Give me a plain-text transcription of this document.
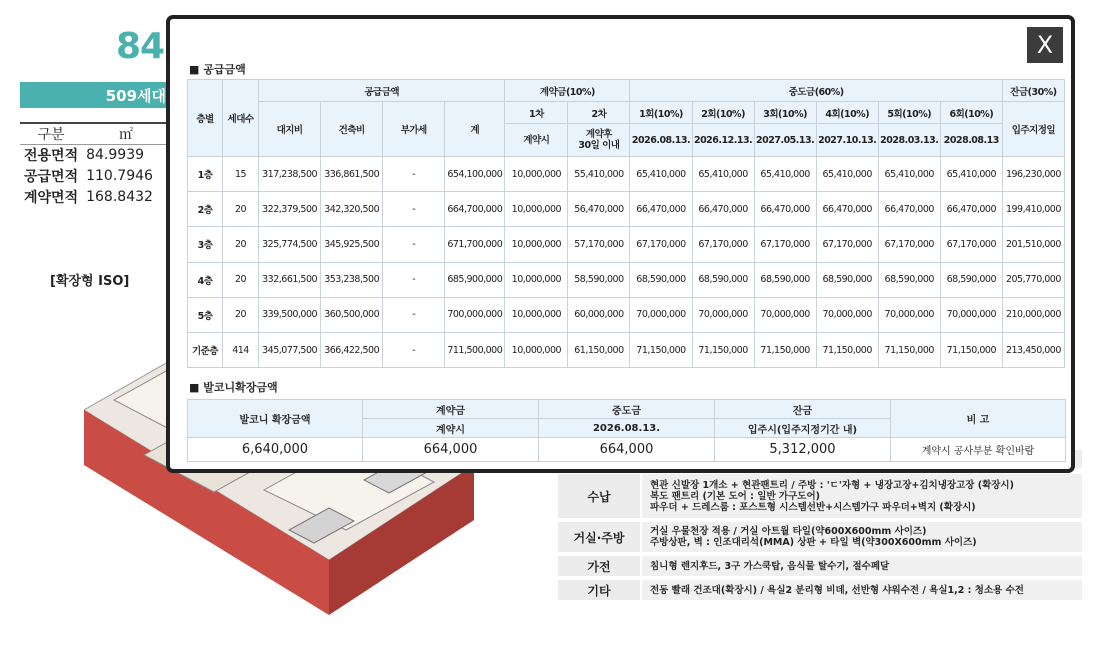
84
509세대
구분	㎡
전용면적	84.9939
공급면적	110.7946
계약면적	168.8432
[확장형 ISO]
수납
현관 신발장 1개소 + 현관팬트리 / 주방 : 'ㄷ'자형 + 냉장고장+김치냉장고장 (확장시)
복도 팬트리 (기본 도어 : 일반 가구도어)
파우더 + 드레스룸 : 포스트형 시스템선반+시스템가구 파우더+벽지 (확장시)
거실·주방	거실 우물천장 적용 / 거실 아트월 타일(약600X600mm 사이즈)
주방상판, 벽 : 인조대리석(MMA) 상판 + 타일 벽(약300X600mm 사이즈)
가전	침니형 렌지후드, 3구 가스쿡탑, 음식물 탈수기, 절수페달
기타	전동 빨래 건조대(확장시) / 욕실2 분리형 비데, 선반형 샤워수전 / 욕실1,2 : 청소용 수전
X
■ 공급금액
층별	세대수	공급금액				계약금(10%)		중도금(60%)						잔금(30%)
		대지비	건축비	부가세	계	1차	2차	1회(10%)	2회(10%)	3회(10%)	4회(10%)	5회(10%)	6회(10%)	입주지정일
						계약시	계약후
30일 이내	2026.08.13.	2026.12.13.	2027.05.13.	2027.10.13.	2028.03.13.	2028.08.13	
1층	15	317,238,500	336,861,500	-	654,100,000	10,000,000	55,410,000	65,410,000	65,410,000	65,410,000	65,410,000	65,410,000	65,410,000	196,230,000
2층	20	322,379,500	342,320,500	-	664,700,000	10,000,000	56,470,000	66,470,000	66,470,000	66,470,000	66,470,000	66,470,000	66,470,000	199,410,000
3층	20	325,774,500	345,925,500	-	671,700,000	10,000,000	57,170,000	67,170,000	67,170,000	67,170,000	67,170,000	67,170,000	67,170,000	201,510,000
4층	20	332,661,500	353,238,500	-	685,900,000	10,000,000	58,590,000	68,590,000	68,590,000	68,590,000	68,590,000	68,590,000	68,590,000	205,770,000
5층	20	339,500,000	360,500,000	-	700,000,000	10,000,000	60,000,000	70,000,000	70,000,000	70,000,000	70,000,000	70,000,000	70,000,000	210,000,000
기준층	414	345,077,500	366,422,500	-	711,500,000	10,000,000	61,150,000	71,150,000	71,150,000	71,150,000	71,150,000	71,150,000	71,150,000	213,450,000
■ 발코니확장금액
발코니 확장금액	계약금	중도금	잔금	비 고
	계약시	2026.08.13.	입주시(입주지정기간 내)	
6,640,000	664,000	664,000	5,312,000	계약시 공사부분 확인바람
